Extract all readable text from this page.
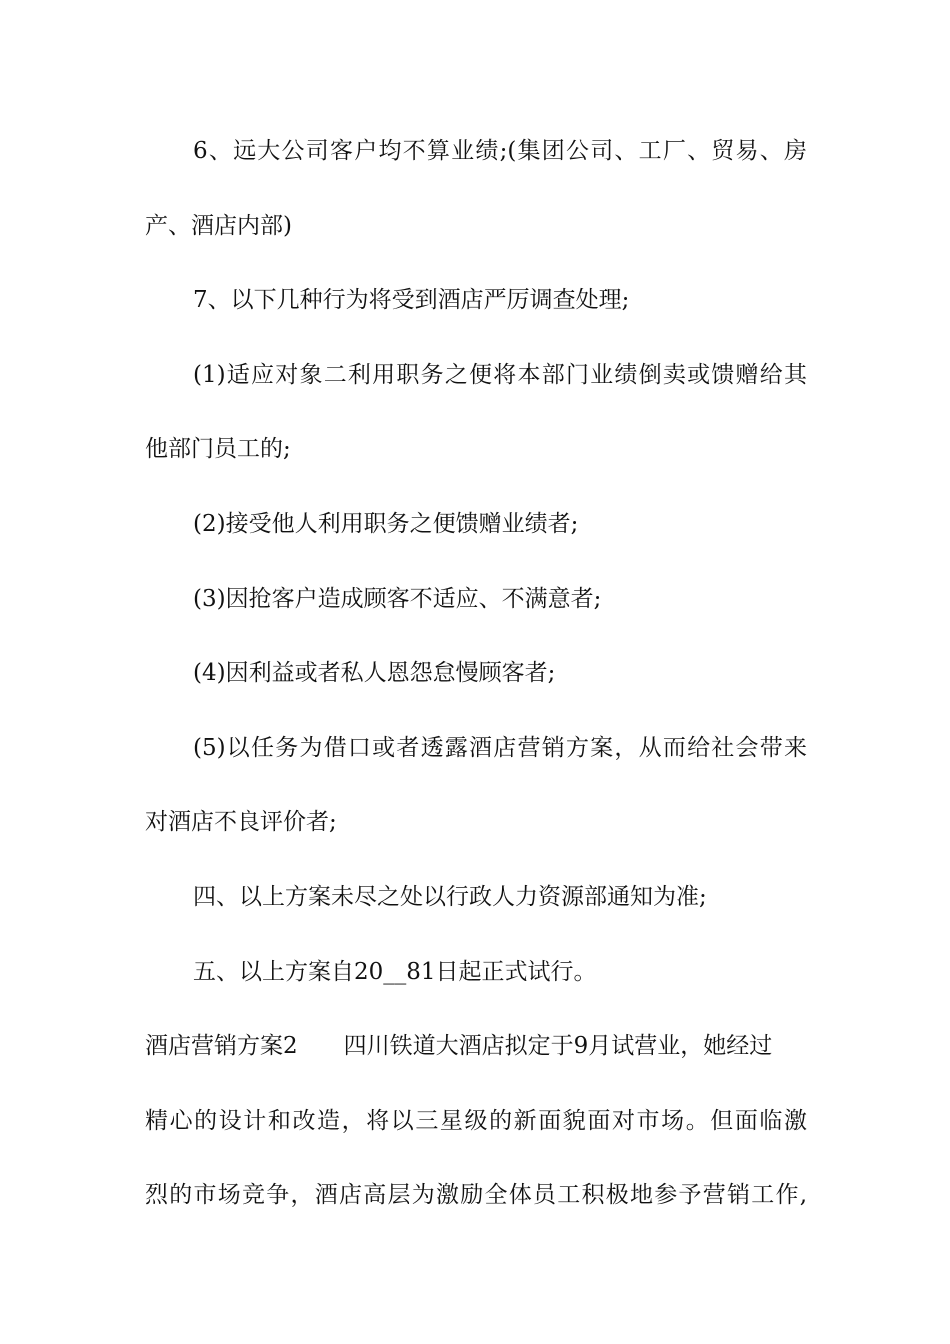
6、远大公司客户均不算业绩;(集团公司、工厂、贸易、房
产、酒店内部)
7、以下几种行为将受到酒店严厉调查处理;
(1)适应对象二利用职务之便将本部门业绩倒卖或馈赠给其
他部门员工的;
(2)接受他人利用职务之便馈赠业绩者;
(3)因抢客户造成顾客不适应、不满意者;
(4)因利益或者私人恩怨怠慢顾客者;
(5)以任务为借口或者透露酒店营销方案，从而给社会带来
对酒店不良评价者;
四、以上方案未尽之处以行政人力资源部通知为准;
五、以上方案自20__81日起正式试行。
酒店营销方案2 四川铁道大酒店拟定于9月试营业，她经过
精心的设计和改造，将以三星级的新面貌面对市场。但面临激
烈的市场竞争，酒店高层为激励全体员工积极地参予营销工作,
